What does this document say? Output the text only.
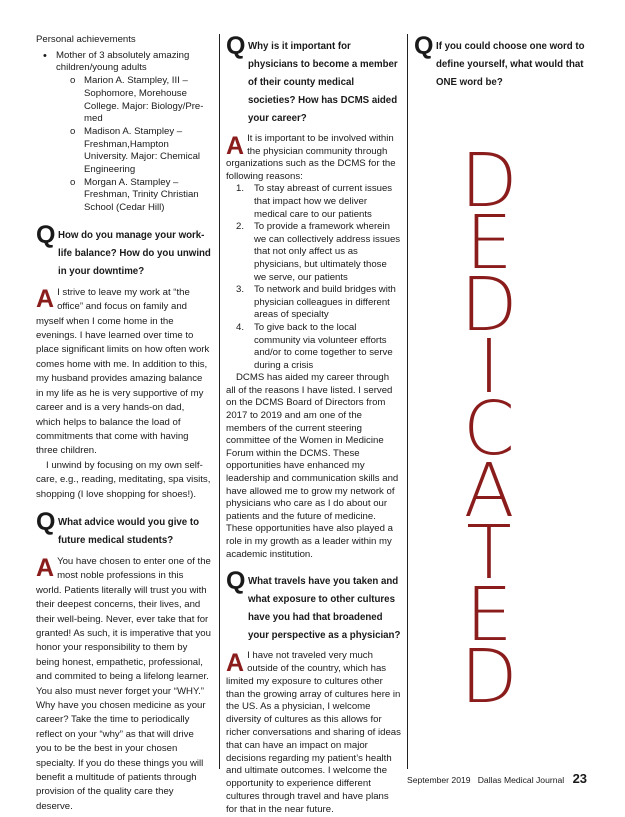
Personal achievements

• Mother of 3 absolutely amazing children/young adults
o Marion A. Stampley, III – Sophomore, Morehouse College. Major: Biology/Pre-med
o Madison A. Stampley – Freshman,Hampton University. Major: Chemical Engineering
o Morgan A. Stampley – Freshman, Trinity Christian School (Cedar Hill)
Q How do you manage your work-life balance? How do you unwind in your downtime?
A I strive to leave my work at “the office” and focus on family and myself when I come home in the evenings. I have learned over time to place significant limits on how often work comes home with me. In addition to this, my husband provides amazing balance in my life as he is very supportive of my career and is a very hands-on dad, which helps to balance the load of commitments that come with having three children.

I unwind by focusing on my own self-care, e.g., reading, meditating, spa visits, shopping (I love shopping for shoes!).

Q What advice would you give to future medical students?
A You have chosen to enter one of the most noble professions in this world. Patients literally will trust you with their deepest concerns, their lives, and their well-being. Never, ever take that for granted! As such, it is imperative that you honor your responsibility to them by being honest, empathetic, professional, and commited to being a lifelong learner. You also must never forget your “WHY.” Why have you chosen medicine as your career? Take the time to periodically reflect on your “why” as that will drive you to be the best in your chosen specialty. If you do these things you will benefit a multitude of patients through provision of the quality care they deserve.

Q Why is it important for physicians to become a member of their county medical societies? How has DCMS aided your career?
A It is important to be involved within the physician community through organizations such as the DCMS for the following reasons:

1. To stay abreast of current issues that impact how we deliver medical care to our patients
2. To provide a framework wherein we can collectively address issues that not only affect us as physicians, but ultimately those we serve, our patients
3. To network and build bridges with physician colleagues in different areas of specialty
4. To give back to the local community via volunteer efforts and/or to come together to serve during a crisis

DCMS has aided my career through all of the reasons I have listed. I served on the DCMS Board of Directors from 2017 to 2019 and am one of the members of the current steering committee of the Women in Medicine Forum within the DCMS. These opportunities have enhanced my leadership and communication skills and have allowed me to grow my network of physicians who care as I do about our patients and the future of medicine. These opportunities have also played a role in my growth as a leader within my academic institution.

Q What travels have you taken and what exposure to other cultures have you had that broadened your perspective as a physician?
A I have not traveled very much outside of the country, which has limited my exposure to cultures other than the growing array of cultures here in the US. As a physician, I welcome diversity of cultures as this allows for richer conversations and sharing of ideas that can have an impact on major decisions regarding my patient’s health and ultimate outcomes. I welcome the opportunity to experience different cultures through travel and have plans for that in the near future.

Q If you could choose one word to define yourself, what would that ONE word be?
D
E
D
I
C
A
T
E
D
September 2019 Dallas Medical Journal 23
